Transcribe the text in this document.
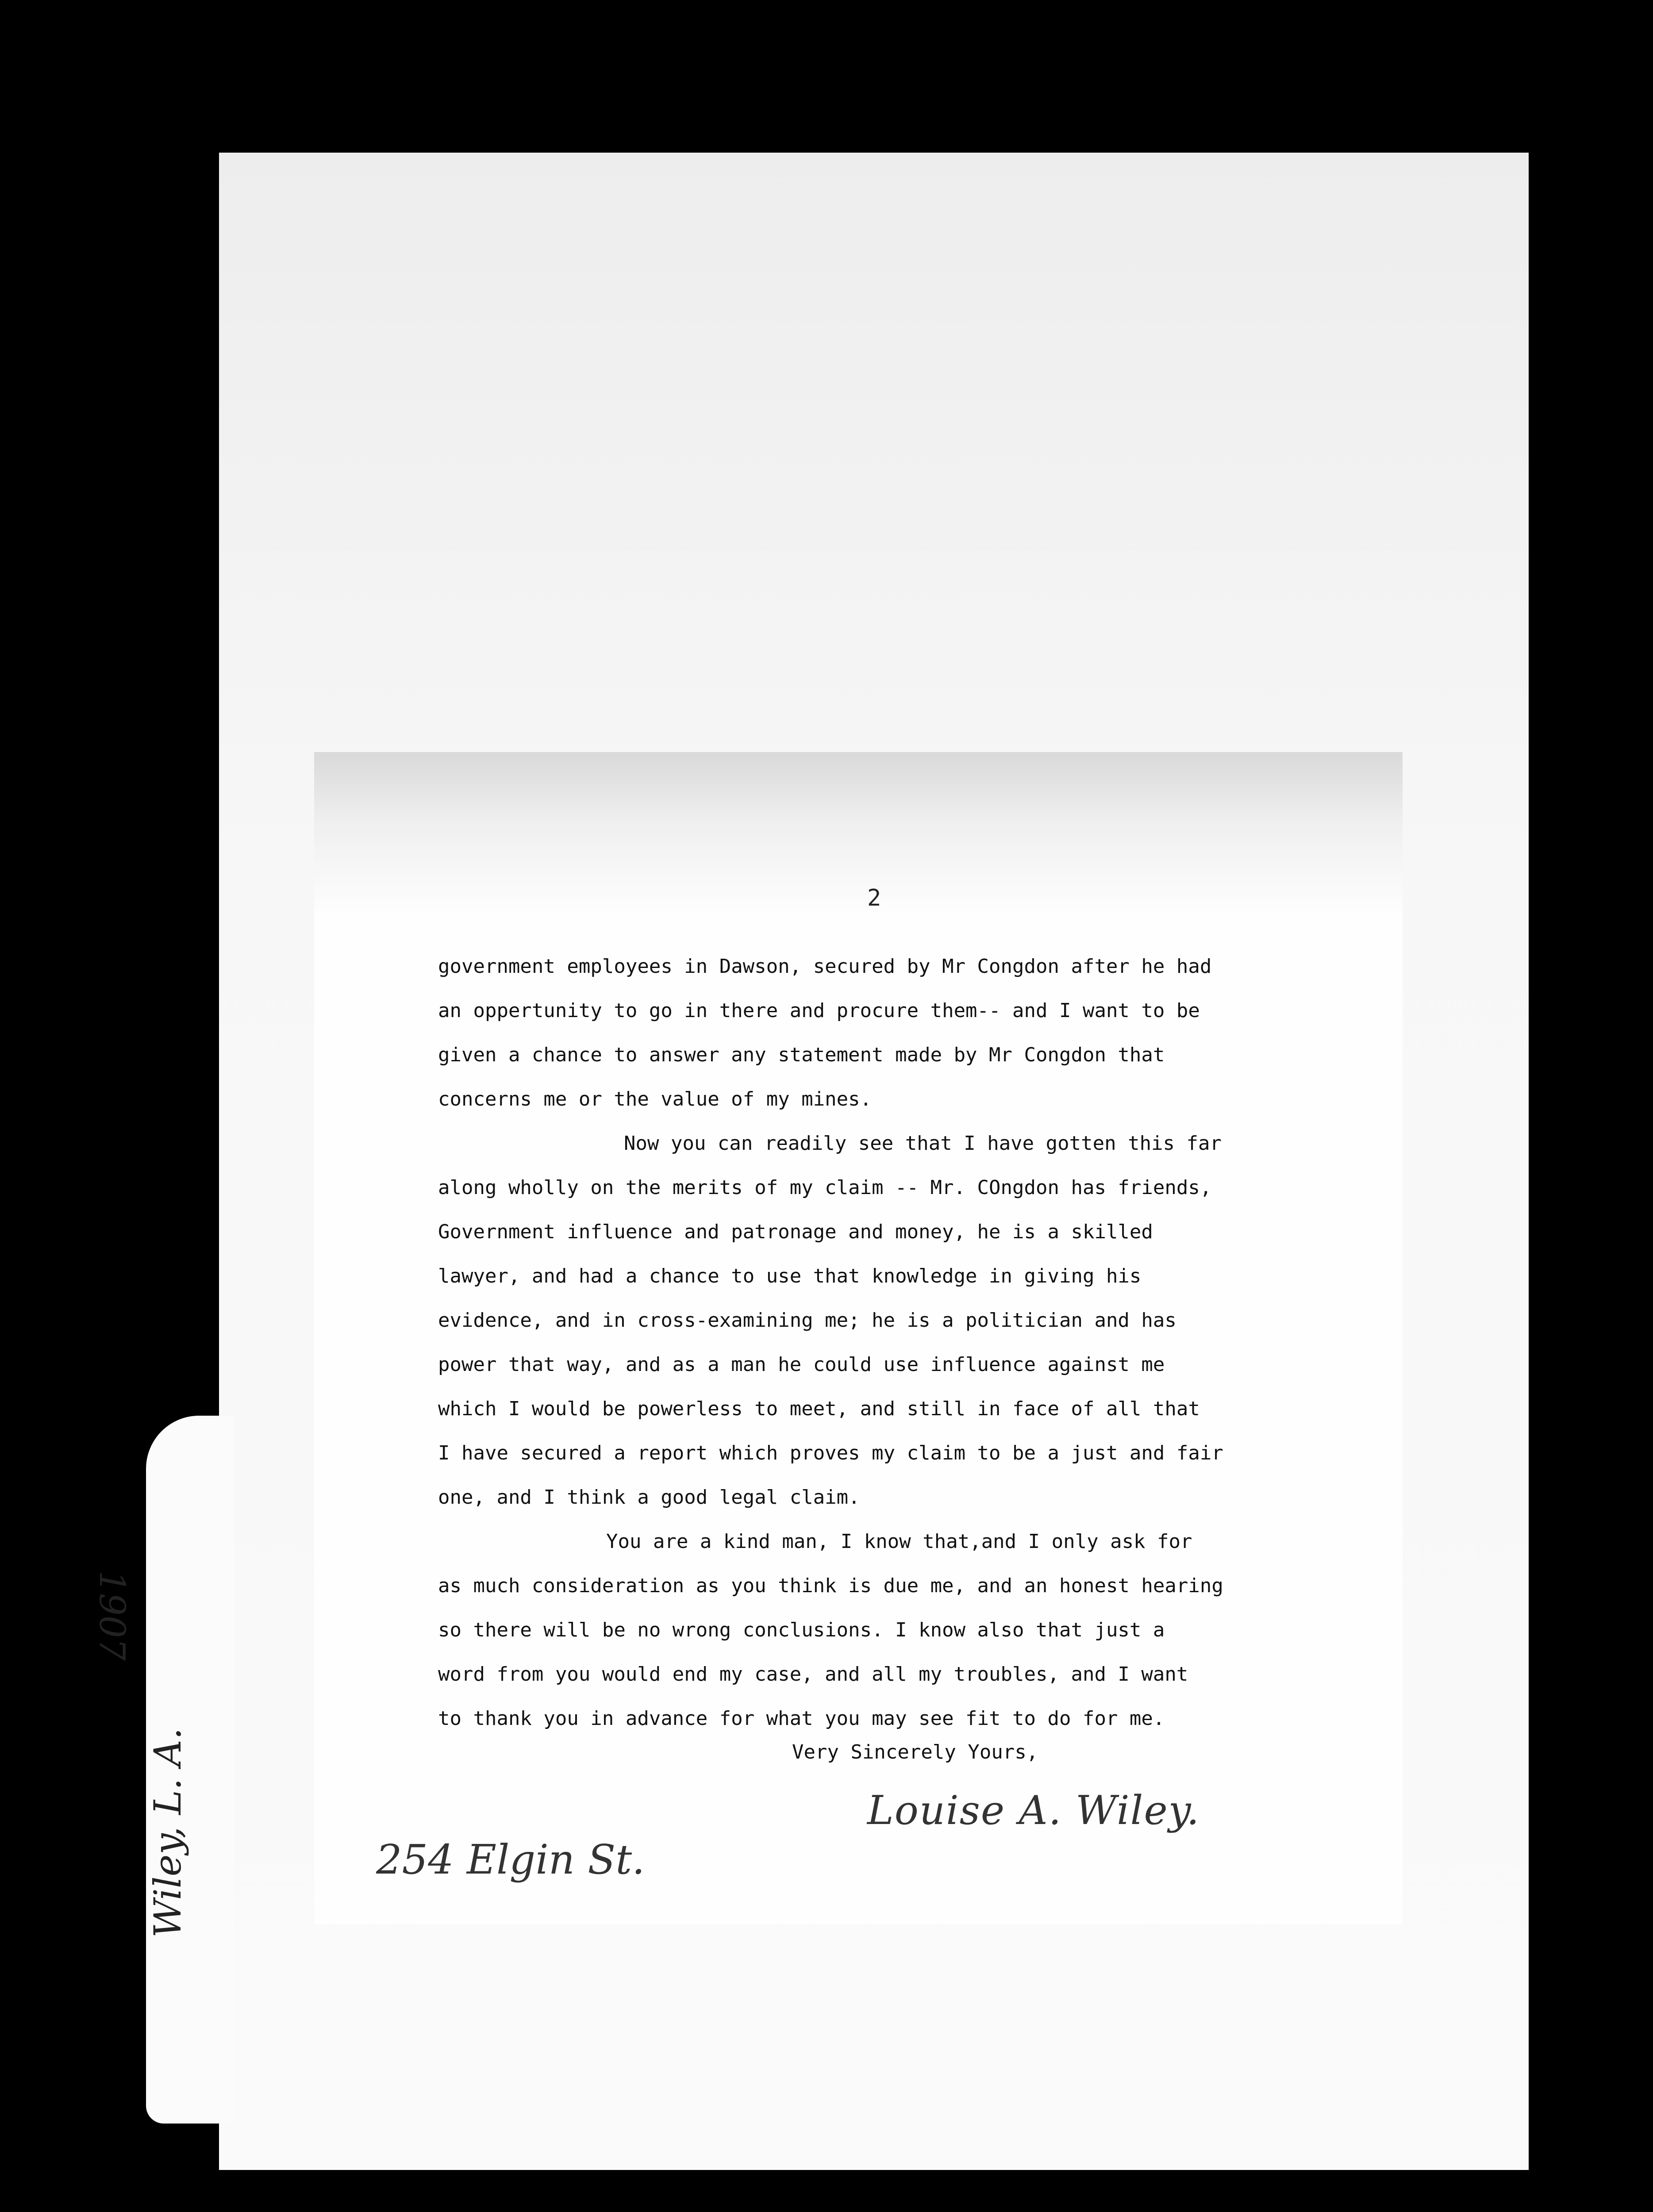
2

government employees in Dawson, secured by Mr Congdon after he had
an oppertunity to go in there and procure them-- and I want to be
given a chance to answer any statement made by Mr Congdon that
concerns me or the value of my mines.

Now you can readily see that I have gotten this far
along wholly on the merits of my claim -- Mr. COngdon has friends,
Government influence and patronage and money, he is a skilled
lawyer, and had a chance to use that knowledge in giving his
evidence, and in cross-examining me; he is a politician and has
power that way, and as a man he could use influence against me
which I would be powerless to meet, and still in face of all that
I have secured a report which proves my claim to be a just and fair
one, and I think a good legal claim.

You are a kind man, I know that,and I only ask for
as much consideration as you think is due me, and an honest hearing
so there will be no wrong conclusions. I know also that just a
word from you would end my case, and all my troubles, and I want
to thank you in advance for what you may see fit to do for me.

Very Sincerely Yours,
Louise A. Wiley.
254 Elgin St.
1907
Wiley, L. A.
